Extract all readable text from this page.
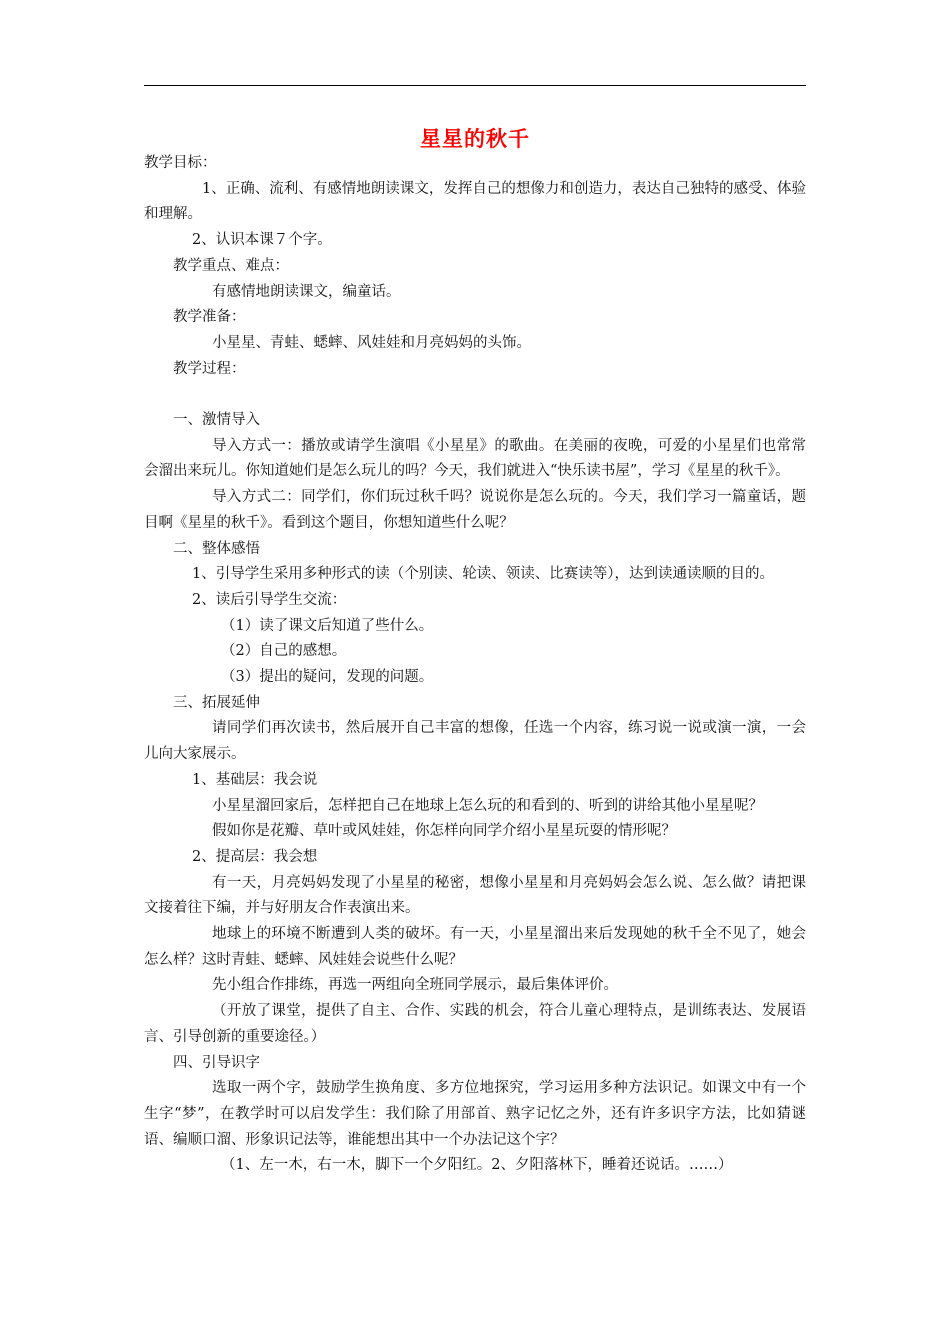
星星的秋千

教学目标：

1、正确、流利、有感情地朗读课文，发挥自己的想像力和创造力，表达自己独特的感受、体验和理解。

2、认识本课７个字。

教学重点、难点：

有感情地朗读课文，编童话。

教学准备：

小星星、青蛙、蟋蟀、风娃娃和月亮妈妈的头饰。

教学过程：

一、激情导入

导入方式一：播放或请学生演唱《小星星》的歌曲。在美丽的夜晚，可爱的小星星们也常常会溜出来玩儿。你知道她们是怎么玩儿的吗？今天，我们就进入“快乐读书屋”，学习《星星的秋千》。

导入方式二：同学们，你们玩过秋千吗？说说你是怎么玩的。今天，我们学习一篇童话，题目啊《星星的秋千》。看到这个题目，你想知道些什么呢？

二、整体感悟

1、引导学生采用多种形式的读（个别读、轮读、领读、比赛读等），达到读通读顺的目的。

2、读后引导学生交流：

（1）读了课文后知道了些什么。

（2）自己的感想。

（3）提出的疑问，发现的问题。

三、拓展延伸

请同学们再次读书，然后展开自己丰富的想像，任选一个内容，练习说一说或演一演，一会儿向大家展示。

1、基础层：我会说

小星星溜回家后，怎样把自己在地球上怎么玩的和看到的、听到的讲给其他小星星呢？

假如你是花瓣、草叶或风娃娃，你怎样向同学介绍小星星玩耍的情形呢？

2、提高层：我会想

有一天，月亮妈妈发现了小星星的秘密，想像小星星和月亮妈妈会怎么说、怎么做？请把课文接着往下编，并与好朋友合作表演出来。

地球上的环境不断遭到人类的破坏。有一天，小星星溜出来后发现她的秋千全不见了，她会怎么样？这时青蛙、蟋蟀、风娃娃会说些什么呢？

先小组合作排练，再选一两组向全班同学展示，最后集体评价。

（开放了课堂，提供了自主、合作、实践的机会，符合儿童心理特点，是训练表达、发展语言、引导创新的重要途径。）

四、引导识字

选取一两个字，鼓励学生换角度、多方位地探究，学习运用多种方法识记。如课文中有一个生字“梦”，在教学时可以启发学生：我们除了用部首、熟字记忆之外，还有许多识字方法，比如猜谜语、编顺口溜、形象识记法等，谁能想出其中一个办法记这个字？

（1、左一木，右一木，脚下一个夕阳红。2、夕阳落林下，睡着还说话。……）
